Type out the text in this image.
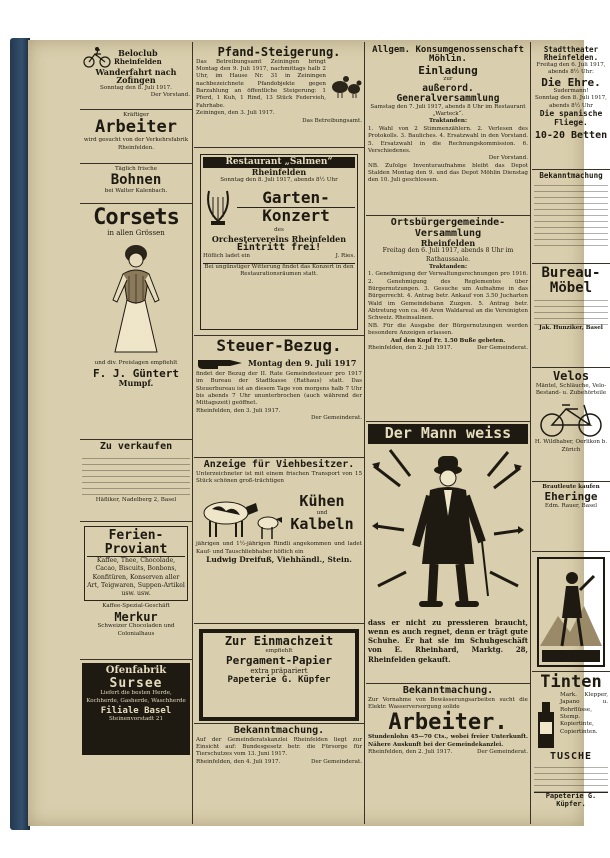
Beloclub
Rheinfelden
Wanderfahrt nach Zofingen
Sonntag den 8. Juli 1917.
Der Vorstand.
Kräftiger
Arbeiter
wird gesucht von der Verkehrsfabrik Rheinfelden.
Täglich frische
Bohnen
bei Walter Kalenbach.
Corsets
in allen Grössen
und div. Preislagen empfiehlt
F. J. Güntert
Mumpf.
Zu verkaufen
Häfliker, Nadelberg 2, Basel
Ferien-
Proviant
Kaffee, Thee, Chocolade, Cacao, Biscuits, Bonbons, Konfitüren, Konserven aller Art, Teigwaren, Suppen-Artikel usw. usw.
Kaffee-Spezial-Geschäft
Merkur
Schweizer Chocoladen und Colonialhaus
Ofenfabrik
Sursee
Liefert die besten Herde, Kochherde, Gasherde, Waschherde
Filiale Basel
Steinenvorstadt 21
Pfand-Steigerung.
Das Betreibungsamt Zeiningen bringt Montag den 9. Juli 1917, nachmittags halb 2 Uhr, im Hause Nr. 31 in Zeiningen nachbezeichnete Pfandobjekte gegen Barzahlung an öffentliche Steigerung: 1 Pferd, 1 Kuh, 1 Rind, 13 Stück Federvieh, Fahrhabe.
Zeiningen, den 3. Juli 1917.
Das Betreibungsamt.
Restaurant „Salmen“
Rheinfelden
Sonntag den 8. Juli 1917, abends 8½ Uhr
Garten-
Konzert
des
Orchestervereins Rheinfelden
Eintritt frei!
Höflich ladet ein	J. Ries.
Bei ungünstiger Witterung findet das Konzert in den Restaurationsräumen statt.
Steuer-Bezug.
Montag den 9. Juli 1917
findet der Bezug der II. Rate Gemeindesteuer pro 1917 im Bureau der Stadtkasse (Rathaus) statt. Das Steuerbureau ist an diesem Tage von morgens halb 7 Uhr bis abends 7 Uhr ununterbrochen (auch während der Mittagszeit) geöffnet.
Rheinfelden, den 3. Juli 1917.
Der Gemeinderat.
Anzeige für Viehbesitzer.
Unterzeichneter ist mit einem frischen Transport von 15 Stück schönen groß-trächtigen
Kühen
und
Kalbeln
jährigen und 1½-jährigen Rindli angekommen und ladet Kauf- und Tauschliebhaber höflich ein
Ludwig Dreifuß, Viehhändl., Stein.
Zur Einmachzeit
empfiehlt
Pergament-Papier
extra präpariert
Papeterie G. Küpfer
Bekanntmachung.
Auf der Gemeinderatskanzlei Rheinfelden liegt zur Einsicht auf: Bundesgesetz betr. die Fürsorge für Tierschutzes vom 13. Juni 1917.
Rheinfelden, den 4. Juli 1917.	Der Gemeinderat.
Allgem. Konsumgenossenschaft Möhlin.
Einladung
zur
außerord. Generalversammlung
Samstag den 7. Juli 1917, abends 8 Uhr im Restaurant „Warteck“.
Traktanden:
1. Wahl von 2 Stimmenzählern. 2. Verlesen des Protokolls. 3. Bauliches. 4. Ersatzwahl in den Vorstand. 5. Ersatzwahl in die Rechnungskommission. 6. Verschiedenes.
Der Vorstand.
NB. Zufolge Inventuraufnahme bleibt das Depot Stalden Montag den 9. und das Depot Möhlin Dienstag den 10. Juli geschlossen.
Ortsbürgergemeinde-Versammlung
Rheinfelden
Freitag den 6. Juli 1917, abends 8 Uhr im Rathaussaale.
Traktanden:
1. Genehmigung der Verwaltungsrechnungen pro 1916. 2. Genehmigung des Reglementes über Bürgernutzungen. 3. Gesuche um Aufnahme in das Bürgerrecht. 4. Antrag betr. Ankauf von 3.50 Jucharten Wald im Gemeindebann Zuzgen. 5. Antrag betr. Abtretung von ca. 46 Aren Waldareal an die Vereinigten Schweiz. Rheinsalinen.
NB. Für die Ausgabe der Bürgernutzungen werden besondere Anzeigen erlassen.
Auf den Kopf Fr. 1.50 Buße gebeten.
Rheinfelden, den 2. Juli 1917.	Der Gemeinderat.
Der Mann weiss
dass er nicht zu pressieren braucht, wenn es auch regnet, denn er trägt gute Schuhe. Er hat sie im Schuhgeschäft von E. Rheinhard, Marktg. 28, Rheinfelden gekauft.
Bekanntmachung.
Zur Vornahme von Bewässerungsarbeiten sucht die Elektr. Wasserversorgung solide
Arbeiter.
Stundenlohn 45—70 Cts., wobei freier Unterkunft. Nähere Auskunft bei der Gemeindekanzlei.
Rheinfelden, den 2. Juli 1917.	Der Gemeinderat.
Stadttheater Rheinfelden.
Freitag den 6. Juli 1917, abends 8½ Uhr:
Die Ehre.
Sudermann!
Sonntag den 8. Juli 1917, abends 8½ Uhr
Die spanische Fliege.
10-20 Betten
Bekanntmachung
Bureau-
Möbel
Jak. Hunziker, Basel
Velos
Mäntel, Schläuche, Velo-Bestand- u. Zubehörteile
H. Wildhaber, Oerlikon b. Zürich
Brautleute kaufen
Eheringe
Edm. Rauer, Basel
Tinten
Mark. Klepper, Japano u. Rohrflüsse, Stemp. Kopiertinte, Copiertinten.
TUSCHE
Papeterie G. Küpfer.
